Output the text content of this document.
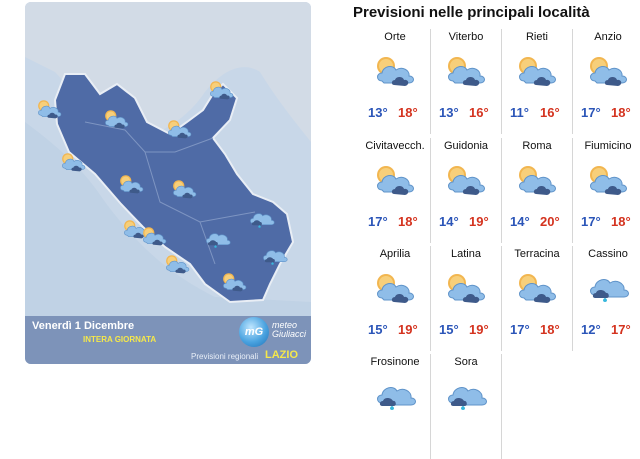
Venerdì 1 Dicembre
INTERA GIORNATA
mG
meteo
Giuliacci
Previsioni regionali LAZIO
Previsioni nelle principali località
Orte
13° 18°
Viterbo
13° 16°
Rieti
11° 16°
Anzio
17° 18°
Civitavecch.
17° 18°
Guidonia
14° 19°
Roma
14° 20°
Fiumicino
17° 18°
Aprilia
15° 19°
Latina
15° 19°
Terracina
17° 18°
Cassino
12° 17°
Frosinone	Sora
